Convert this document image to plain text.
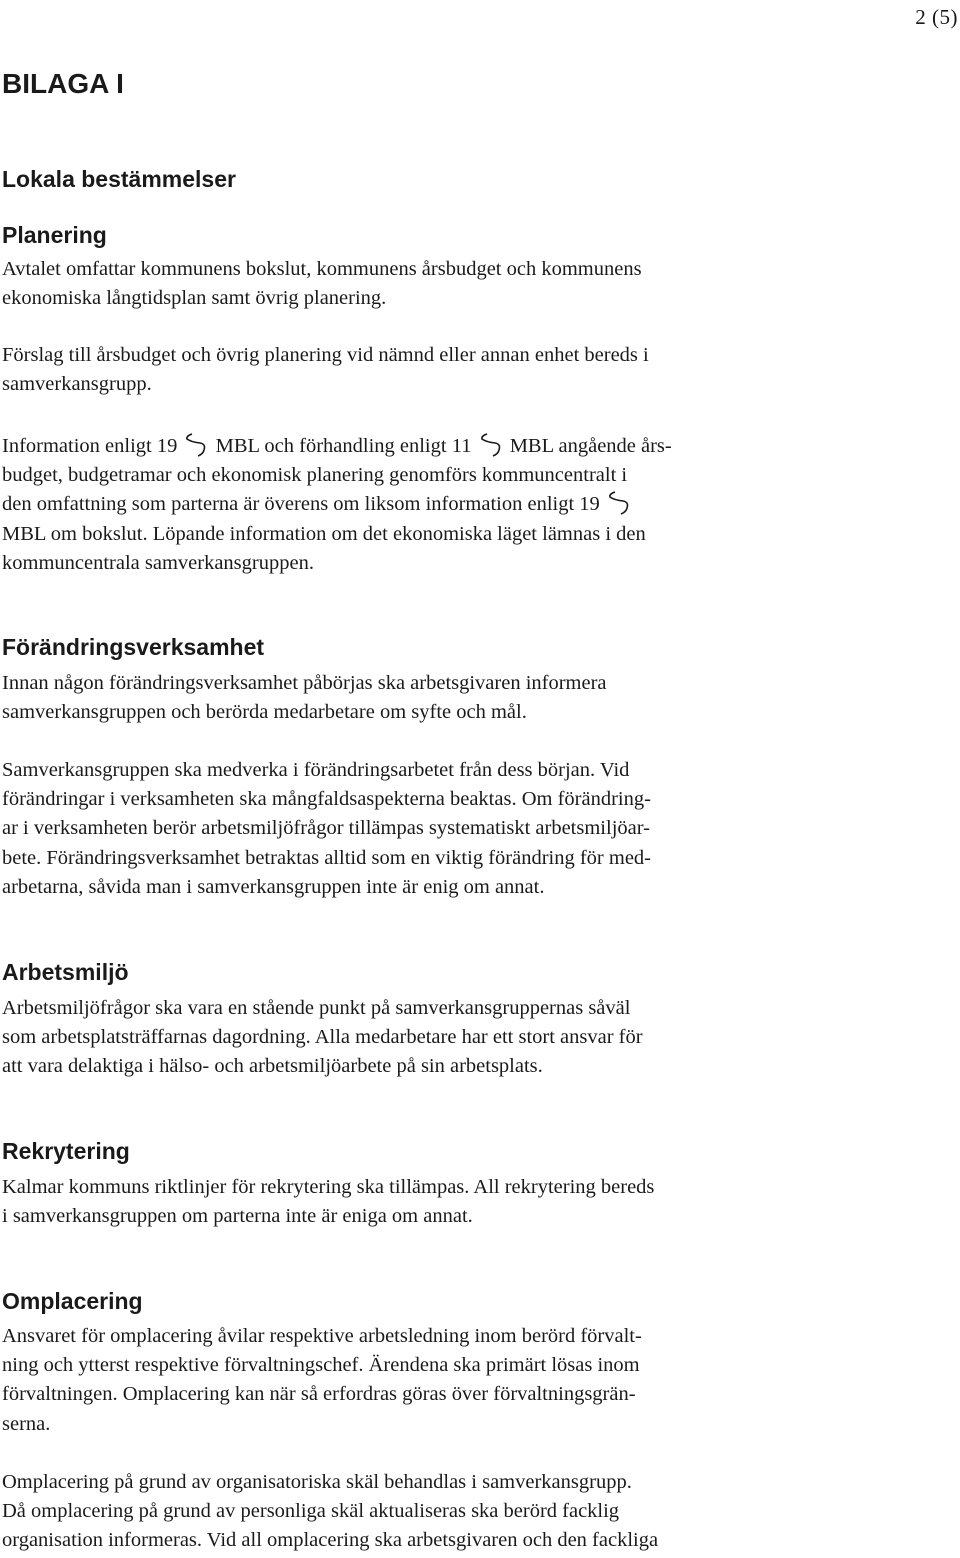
2 (5)
BILAGA I
Lokala bestämmelser
Planering

Avtalet omfattar kommunens bokslut, kommunens årsbudget och kommunens
ekonomiska långtidsplan samt övrig planering.

Förslag till årsbudget och övrig planering vid nämnd eller annan enhet bereds i
samverkansgrupp.

Information enligt 19 MBL och förhandling enligt 11 MBL angående års-
budget, budgetramar och ekonomisk planering genomförs kommuncentralt i
den omfattning som parterna är överens om liksom information enligt 19
MBL om bokslut. Löpande information om det ekonomiska läget lämnas i den
kommuncentrala samverkansgruppen.

Förändringsverksamhet

Innan någon förändringsverksamhet påbörjas ska arbetsgivaren informera
samverkansgruppen och berörda medarbetare om syfte och mål.

Samverkansgruppen ska medverka i förändringsarbetet från dess början. Vid
förändringar i verksamheten ska mångfaldsaspekterna beaktas. Om förändring-
ar i verksamheten berör arbetsmiljöfrågor tillämpas systematiskt arbetsmiljöar-
bete. Förändringsverksamhet betraktas alltid som en viktig förändring för med-
arbetarna, såvida man i samverkansgruppen inte är enig om annat.

Arbetsmiljö

Arbetsmiljöfrågor ska vara en stående punkt på samverkansgruppernas såväl
som arbetsplatsträffarnas dagordning. Alla medarbetare har ett stort ansvar för
att vara delaktiga i hälso- och arbetsmiljöarbete på sin arbetsplats.

Rekrytering

Kalmar kommuns riktlinjer för rekrytering ska tillämpas. All rekrytering bereds
i samverkansgruppen om parterna inte är eniga om annat.

Omplacering

Ansvaret för omplacering åvilar respektive arbetsledning inom berörd förvalt-
ning och ytterst respektive förvaltningschef. Ärendena ska primärt lösas inom
förvaltningen. Omplacering kan när så erfordras göras över förvaltningsgrän-
serna.

Omplacering på grund av organisatoriska skäl behandlas i samverkansgrupp.
Då omplacering på grund av personliga skäl aktualiseras ska berörd facklig
organisation informeras. Vid all omplacering ska arbetsgivaren och den fackliga
